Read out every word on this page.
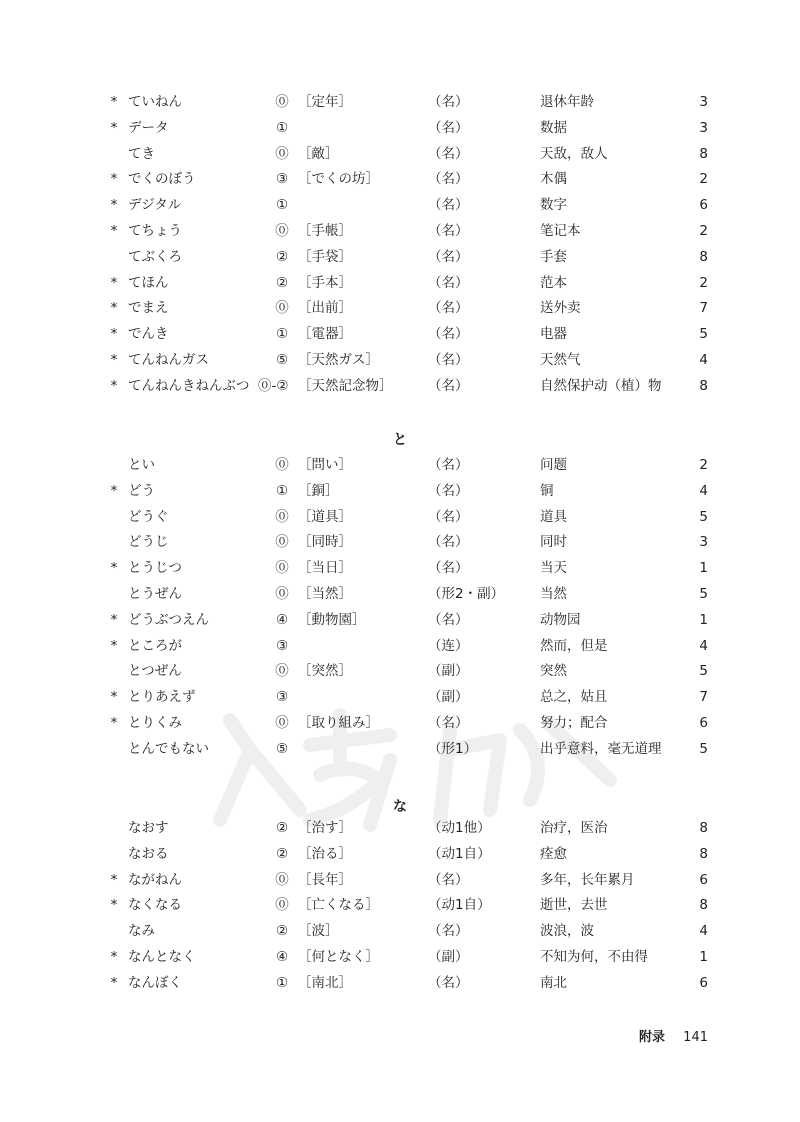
* ていねん	⓪ ［定年］	（名）	退休年龄	3
* データ	①	（名）	数据	3
てき	⓪ ［敵］	（名）	天敌，敌人	8
* でくのぼう	③ ［でくの坊］	（名）	木偶	2
* デジタル	①	（名）	数字	6
* てちょう	⓪ ［手帳］	（名）	笔记本	2
てぶくろ	② ［手袋］	（名）	手套	8
* てほん	② ［手本］	（名）	范本	2
* でまえ	⓪ ［出前］	（名）	送外卖	7
* でんき	① ［電器］	（名）	电器	5
* てんねんガス	⑤ ［天然ガス］	（名）	天然气	4
* てんねんきねんぶつ ⓪-② ［天然記念物］	（名）	自然保护动（植）物	8
と
とい	⓪ ［問い］	（名）	问题	2
* どう	① ［銅］	（名）	铜	4
どうぐ	⓪ ［道具］	（名）	道具	5
どうじ	⓪ ［同時］	（名）	同时	3
* とうじつ	⓪ ［当日］	（名）	当天	1
とうぜん	⓪ ［当然］	（形2・副）	当然	5
* どうぶつえん	④ ［動物園］	（名）	动物园	1
* ところが	③	（连）	然而，但是	4
とつぜん	⓪ ［突然］	（副）	突然	5
* とりあえず	③	（副）	总之，姑且	7
* とりくみ	⓪ ［取り組み］	（名）	努力；配合	6
とんでもない	⑤	（形1）	出乎意料，毫无道理	5
な
なおす	② ［治す］	（动1他）	治疗，医治	8
なおる	② ［治る］	（动1自）	痊愈	8
* ながねん	⓪ ［長年］	（名）	多年，长年累月	6
* なくなる	⓪ ［亡くなる］	（动1自）	逝世，去世	8
なみ	② ［波］	（名）	波浪，波	4
* なんとなく	④ ［何となく］	（副）	不知为何，不由得	1
* なんぼく	① ［南北］	（名）	南北	6
附录 141
